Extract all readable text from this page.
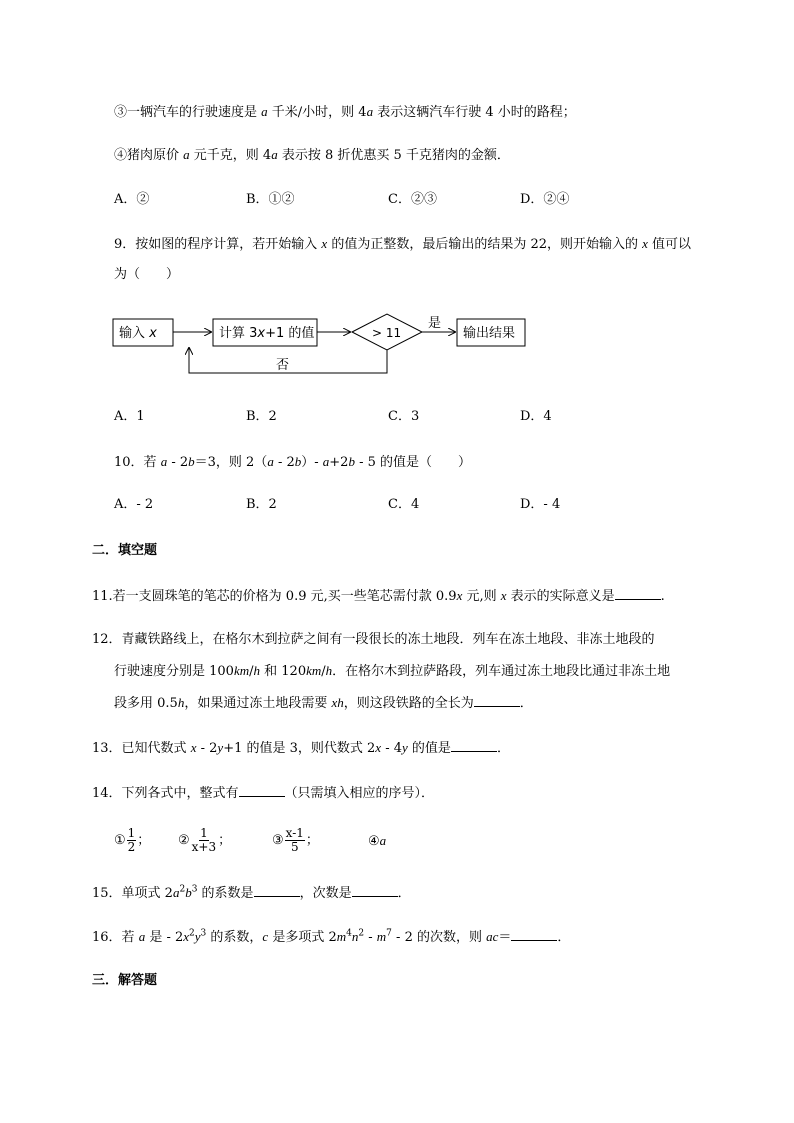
③一辆汽车的行驶速度是 a 千米/小时，则 4a 表示这辆汽车行驶 4 小时的路程；
④猪肉原价 a 元千克，则 4a 表示按 8 折优惠买 5 千克猪肉的金额．
A．②	B．①②	C．②③	D．②④
9．按如图的程序计算，若开始输入 x 的值为正整数，最后输出的结果为 22，则开始输入的 x 值可以
为（　　）
输入 x	计算 3x+1 的值	> 11
是
输出结果
否
A．1	B．2	C．3	D．4
10．若 a - 2b＝3，则 2（a - 2b）- a+2b - 5 的值是（　　）
A．- 2	B．2	C．4	D．- 4
二．填空题
11.若一支圆珠笔的笔芯的价格为 0.9 元,买一些笔芯需付款 0.9x 元,则 x 表示的实际意义是	.
12．青藏铁路线上，在格尔木到拉萨之间有一段很长的冻土地段．列车在冻土地段、非冻土地段的
行驶速度分别是 100km/h 和 120km/h．在格尔木到拉萨路段，列车通过冻土地段比通过非冻土地
段多用 0.5h，如果通过冻土地段需要 xh，则这段铁路的全长为	．
13．已知代数式 x - 2y+1 的值是 3，则代数式 2x - 4y 的值是	．
14．下列各式中，整式有	（只需填入相应的序号）．
① $\frac{1}{2}$ ； ② $\frac{1}{x+3}$ ；	③ $\frac{x-1}{5}$ ；	④a
15．单项式 $2a^2b^3$ 的系数是	，次数是	．
16．若 a 是 - $2x^2y^3$ 的系数，c 是多项式 $2m^4n^2 - m^7 - 2$ 的次数，则 ac＝	．
三．解答题
